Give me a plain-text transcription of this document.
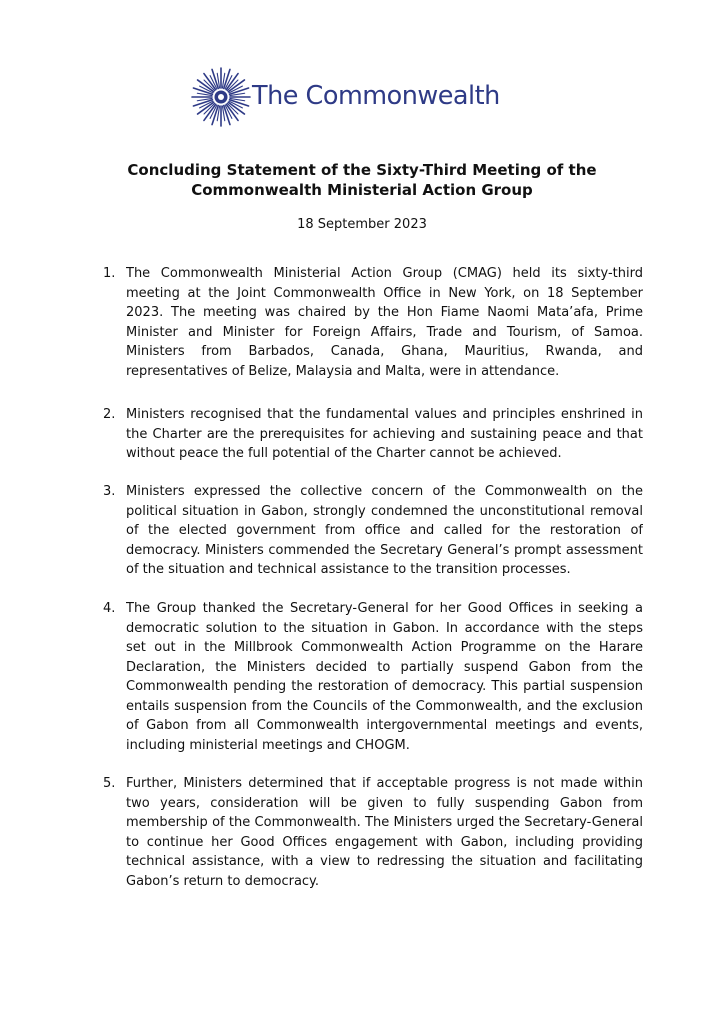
The Commonwealth
Concluding Statement of the Sixty-Third Meeting of the
Commonwealth Ministerial Action Group
18 September 2023
1. The Commonwealth Ministerial Action Group (CMAG) held its sixty-third
meeting at the Joint Commonwealth Office in New York, on 18 September
2023. The meeting was chaired by the Hon Fiame Naomi Mata’afa, Prime
Minister and Minister for Foreign Affairs, Trade and Tourism, of Samoa.
Ministers from Barbados, Canada, Ghana, Mauritius, Rwanda, and
representatives of Belize, Malaysia and Malta, were in attendance.

2. Ministers recognised that the fundamental values and principles enshrined in
the Charter are the prerequisites for achieving and sustaining peace and that
without peace the full potential of the Charter cannot be achieved.

3. Ministers expressed the collective concern of the Commonwealth on the
political situation in Gabon, strongly condemned the unconstitutional removal
of the elected government from office and called for the restoration of
democracy. Ministers commended the Secretary General’s prompt assessment
of the situation and technical assistance to the transition processes.

4. The Group thanked the Secretary-General for her Good Offices in seeking a
democratic solution to the situation in Gabon. In accordance with the steps
set out in the Millbrook Commonwealth Action Programme on the Harare
Declaration, the Ministers decided to partially suspend Gabon from the
Commonwealth pending the restoration of democracy. This partial suspension
entails suspension from the Councils of the Commonwealth, and the exclusion
of Gabon from all Commonwealth intergovernmental meetings and events,
including ministerial meetings and CHOGM.

5. Further, Ministers determined that if acceptable progress is not made within
two years, consideration will be given to fully suspending Gabon from
membership of the Commonwealth. The Ministers urged the Secretary-General
to continue her Good Offices engagement with Gabon, including providing
technical assistance, with a view to redressing the situation and facilitating
Gabon’s return to democracy.
